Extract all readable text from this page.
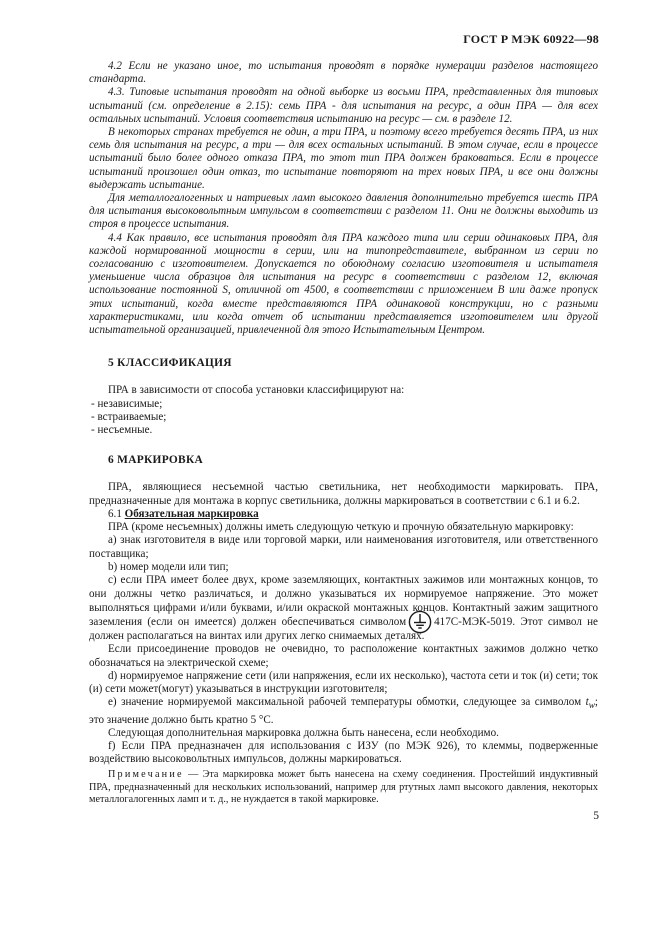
ГОСТ Р МЭК 60922—98

4.2 Если не указано иное, то испытания проводят в порядке нумерации разделов настоящего стандарта.

4.3. Типовые испытания проводят на одной выборке из восьми ПРА, представленных для типовых испытаний (см. определение в 2.15): семь ПРА - для испытания на ресурс, а один ПРА — для всех остальных испытаний. Условия соответствия испытанию на ресурс — см. в разделе 12.

В некоторых странах требуется не один, а три ПРА, и поэтому всего требуется десять ПРА, из них семь для испытания на ресурс, а три — для всех остальных испытаний. В этом случае, если в процессе испытаний было более одного отказа ПРА, то этот тип ПРА должен браковаться. Если в процессе испытаний произошел один отказ, то испытание повторяют на трех новых ПРА, и все они должны выдержать испытание.

Для металлогалогенных и натриевых ламп высокого давления дополнительно требуется шесть ПРА для испытания высоковольтным импульсом в соответствии с разделом 11. Они не должны выходить из строя в процессе испытания.

4.4 Как правило, все испытания проводят для ПРА каждого типа или серии одинаковых ПРА, для каждой нормированной мощности в серии, или на типопредставителе, выбранном из серии по согласованию с изготовителем. Допускается по обоюдному согласию изготовителя и испытателя уменьшение числа образцов для испытания на ресурс в соответствии с разделом 12, включая использование постоянной S, отличной от 4500, в соответствии с приложением В или даже пропуск этих испытаний, когда вместе представляются ПРА одинаковой конструкции, но с разными характеристиками, или когда отчет об испытании представляется изготовителем или другой испытательной организацией, привлеченной для этого Испытательным Центром.

5 КЛАССИФИКАЦИЯ

ПРА в зависимости от способа установки классифицируют на:

- независимые;

- встраиваемые;

- несъемные.

6 МАРКИРОВКА

ПРА, являющиеся несъемной частью светильника, нет необходимости маркировать. ПРА, предназначенные для монтажа в корпус светильника, должны маркироваться в соответствии с 6.1 и 6.2.

6.1 Обязательная маркировка

ПРА (кроме несъемных) должны иметь следующую четкую и прочную обязательную маркировку:

а) знак изготовителя в виде или торговой марки, или наименования изготовителя, или ответственного поставщика;

b) номер модели или тип;

с) если ПРА имеет более двух, кроме заземляющих, контактных зажимов или монтажных концов, то они должны четко различаться, и должно указываться их нормируемое напряжение. Это может выполняться цифрами и/или буквами, и/или окраской монтажных концов. Контактный зажим защитного заземления (если он имеется) должен обеспечиваться символом	417С-МЭК-5019. Этот символ не должен располагаться на винтах или других легко снимаемых деталях.

Если присоединение проводов не очевидно, то расположение контактных зажимов должно четко обозначаться на электрической схеме;

d) нормируемое напряжение сети (или напряжения, если их несколько), частота сети и ток (и) сети; ток (и) сети может(могут) указываться в инструкции изготовителя;

е) значение нормируемой максимальной рабочей температуры обмотки, следующее за символом $t_w$; это значение должно быть кратно 5 °С.

Следующая дополнительная маркировка должна быть нанесена, если необходимо.

f) Если ПРА предназначен для использования с ИЗУ (по МЭК 926), то клеммы, подверженные воздействию высоковольтных импульсов, должны маркироваться.

Примечание — Эта маркировка может быть нанесена на схему соединения. Простейший индуктивный ПРА, предназначенный для нескольких использований, например для ртутных ламп высокого давления, некоторых металлогалогенных ламп и т. д., не нуждается в такой маркировке.

5
